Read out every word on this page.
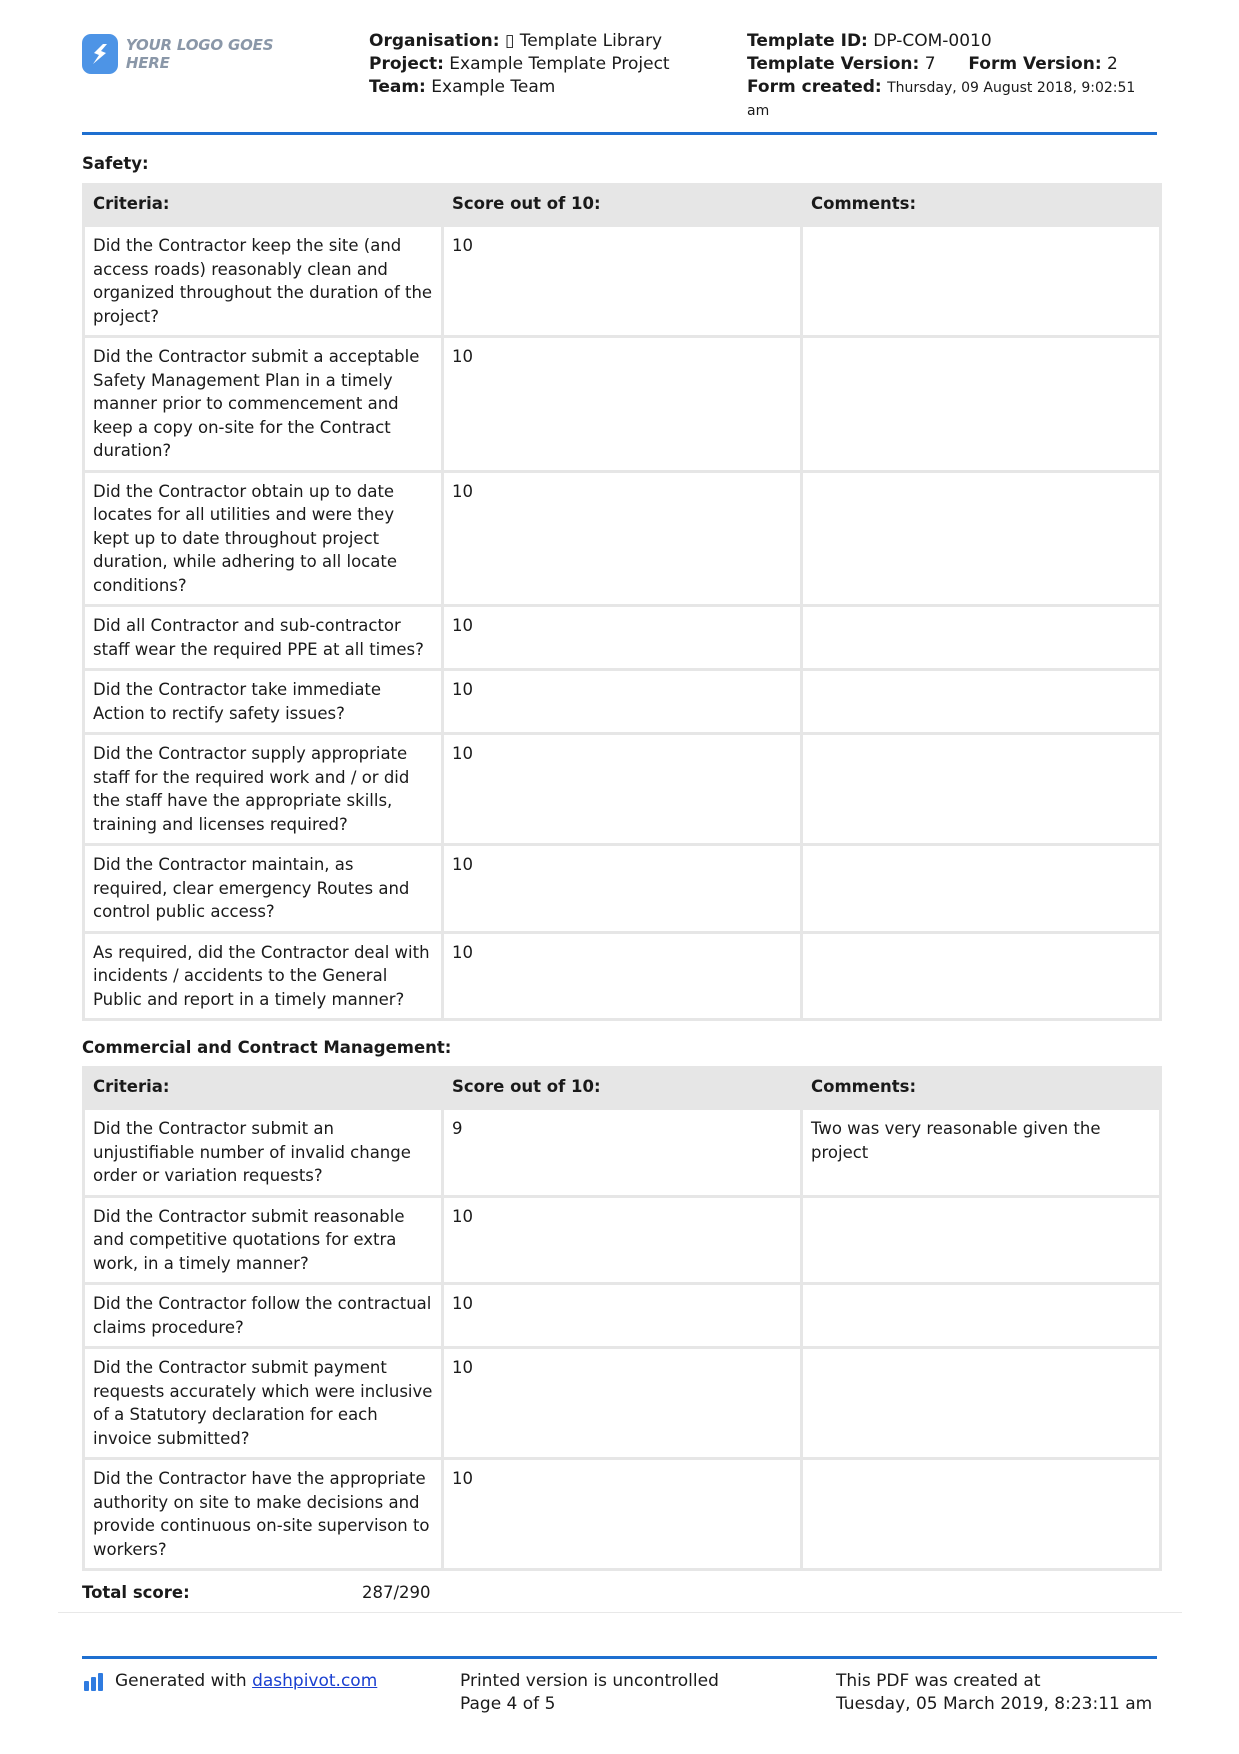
YOUR LOGO GOES HERE
Organisation: ▯ Template Library
Project: Example Template Project
Team: Example Team
Template ID: DP-COM-0010
Template Version: 7 Form Version: 2
Form created: Thursday, 09 August 2018, 9:02:51
am
Safety:
Criteria:	Score out of 10:	Comments:
Did the Contractor keep the site (and access roads) reasonably clean and organized throughout the duration of the project?	10	
Did the Contractor submit a acceptable Safety Management Plan in a timely manner prior to commencement and keep a copy on-site for the Contract duration?	10	
Did the Contractor obtain up to date locates for all utilities and were they kept up to date throughout project duration, while adhering to all locate conditions?	10	
Did all Contractor and sub-contractor staff wear the required PPE at all times?	10	
Did the Contractor take immediate Action to rectify safety issues?	10	
Did the Contractor supply appropriate staff for the required work and / or did the staff have the appropriate skills, training and licenses required?	10	
Did the Contractor maintain, as required, clear emergency Routes and control public access?	10	
As required, did the Contractor deal with incidents / accidents to the General Public and report in a timely manner?	10	
Commercial and Contract Management:
Criteria:	Score out of 10:	Comments:
Did the Contractor submit an unjustifiable number of invalid change order or variation requests?	9	Two was very reasonable given the project
Did the Contractor submit reasonable and competitive quotations for extra work, in a timely manner?	10	
Did the Contractor follow the contractual claims procedure?	10	
Did the Contractor submit payment requests accurately which were inclusive of a Statutory declaration for each invoice submitted?	10	
Did the Contractor have the appropriate authority on site to make decisions and provide continuous on-site supervison to workers?	10	
Total score:	287/290
Generated with dashpivot.com	Printed version is uncontrolled
Page 4 of 5
This PDF was created at
Tuesday, 05 March 2019, 8:23:11 am
